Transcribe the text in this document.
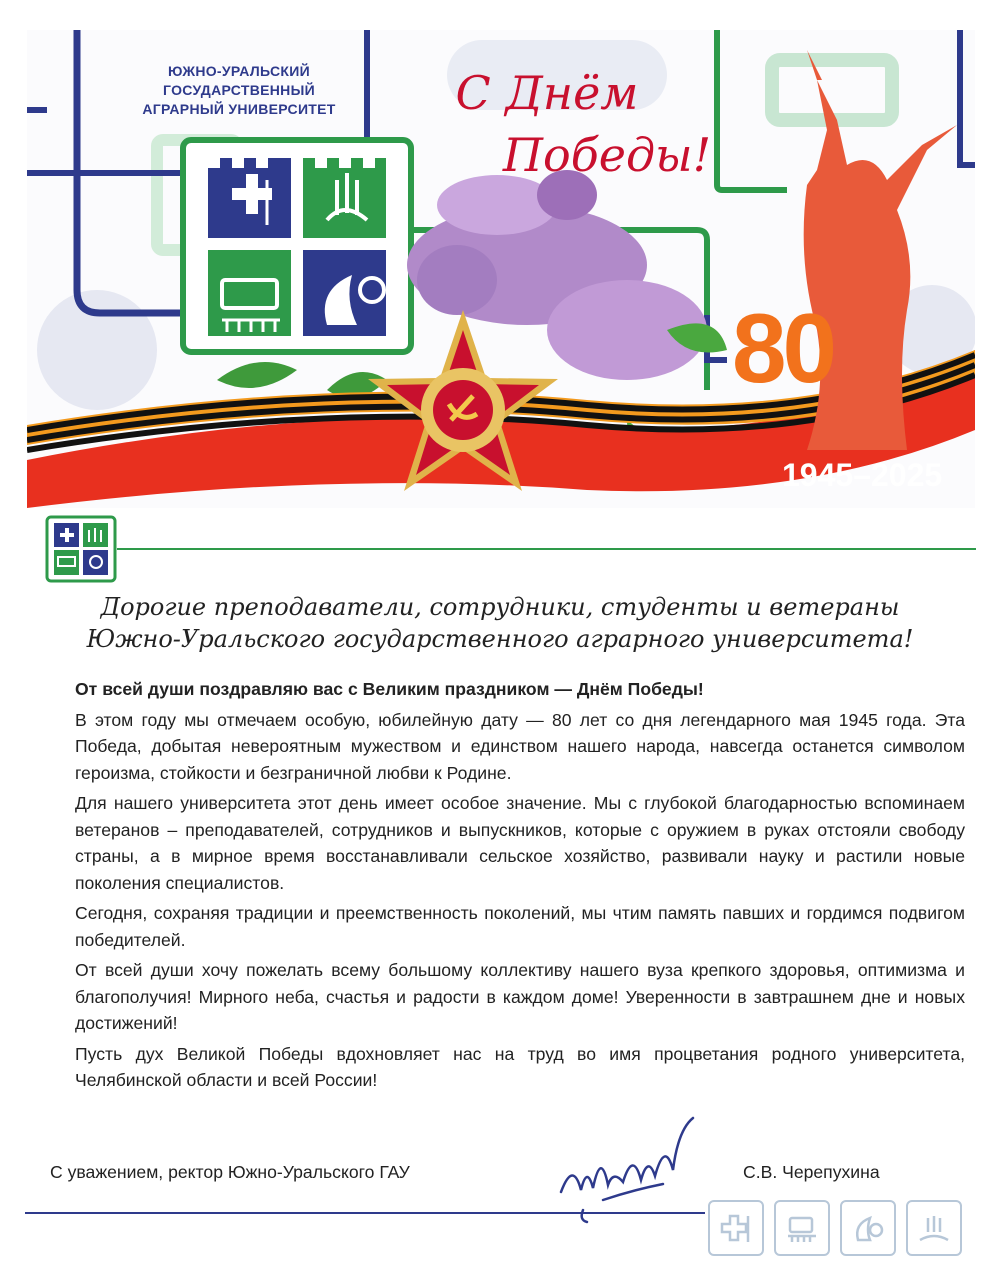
ЮЖНО-УРАЛЬСКИЙ
ГОСУДАРСТВЕННЫЙ
АГРАРНЫЙ УНИВЕРСИТЕТ	С Днём
Победы!
80
1945–2025
Дорогие преподаватели, сотрудники, студенты и ветераны
Южно-Уральского государственного аграрного университета!

От всей души поздравляю вас с Великим праздником — Днём Победы!

В этом году мы отмечаем особую, юбилейную дату — 80 лет со дня легендарного мая 1945 года. Эта Победа, добытая невероятным мужеством и единством нашего народа, навсегда останется символом героизма, стойкости и безграничной любви к Родине.

Для нашего университета этот день имеет особое значение. Мы с глубокой благодарностью вспоминаем ветеранов – преподавателей, сотрудников и выпускников, которые с оружием в руках отстояли свободу страны, а в мирное время восстанавливали сельское хозяйство, развивали науку и растили новые поколения специалистов.

Сегодня, сохраняя традиции и преемственность поколений, мы чтим память павших и гордимся подвигом победителей.

От всей души хочу пожелать всему большому коллективу нашего вуза крепкого здоровья, оптимизма и благополучия! Мирного неба, счастья и радости в каждом доме! Уверенности в завтрашнем дне и новых достижений!

Пусть дух Великой Победы вдохновляет нас на труд во имя процветания родного университета, Челябинской области и всей России!

С уважением, ректор Южно-Уральского ГАУ	С.В. Черепухина
